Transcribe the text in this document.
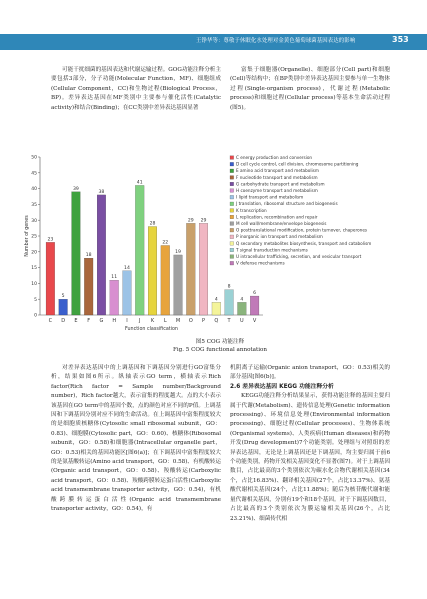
王铮华等：尊敬于休眠化水处理对金黄色葡萄球菌基因表达的影响	353

可能干扰细菌的基因表达和代谢运输过程。GOG功能注释分析主要包括3部分，分子功能(Molecular Function，MF)、细胞组成(Cellular Component，CC)和生物过程(Biological Process，BP)。差异表达基因在MF类别中主要参与催化活性(Catalytic activity)和结合(Binding)；在CC类别中差异表达基因显著

富集于细胞器(Organelle)、细胞部分(Cell part)和细胞(Cell)等结构中；在BP类别中差异表达基因主要参与单一生物体过程(Single-organism process)，代谢过程(Metabolic process)和细胞过程(Cellular process)等基本生命活动过程(图5)。

0
5
10
15
20
25
30
35
40
45
50
Number of genes	23
C
5
D
39
E
18
F
38
G
11
H
14
I
41
J
28
K
22
L
19
M
29
O
29
P
4
Q
8
T
4
U
6
V
Function classification
C energy production and conversion
D cell cycle control, cell division, chromosome partitioning
E amino acid transport and metabolism
F nucleotide transport and metabolism
G carbohydrate transport and metabolism
H coenzyme transport and metabolism
I lipid transport and metabolism
J translation, ribosomal structure and biogenesis
K transcription
L replication, recombination and repair
M cell wall/membrane/envelope biogenesis
O posttranslational modification, protein turnover, chaperones
P inorganic ion transport and metabolism
Q secondary metabolites biosynthesis, transport and catabolism
T signal transduction mechanisms
U intracellular trafficking, secretion, and vesicular transport
V defense mechanisms
图5 COG 功能注释
Fig. 5 COG functional annotation

对差异表达基因中的上调基因和下调基因分别进行GO富集分析，结果如图6所示。纵轴表示GO term，横轴表示Rich factor(Rich factor = Sample number/Background number)，Rich factor越大，表示富集的程度越大。点的大小表示该基因在GO term中的基因个数，点的颜色对应不同的P值。上调基因和下调基因分别对应不同的生命活动。在上调基因中富集程度较大的是细胞质核糖体(Cytosolic small ribosomal subunit，GO：0.83)、细胞膜(Cytosolic part，GO：0.60)、核糖体(Ribosomal subunit，GO：0.58)和细胞器(Intracellular organelle part，GO：0.53)相关的基因功能区[图6(a)]；在下调基因中富集程度较大的是氨基酸转运(Amino acid transport，GO：0.58)、有机酸转运(Organic acid transport，GO：0.58)、羧酸转运(Carboxylic acid transport，GO：0.58)、羧酸跨膜转运蛋白活性(Carboxylic acid transmembrane transporter activity，GO：0.54)，有机酸跨膜转运蛋白活性(Organic acid transmembrane transporter activity，GO：0.54)，有

机阴离子运输(Organic anion transport，GO：0.53)相关的部分基因[图6(b)]。

2.6 差异表达基因 KEGG 功能注释分析

KEGG功能注释分析结果显示，获得功能注释的基因主要归属于代谢(Metabolism)、遗传信息处理(Genetic information processing)、环境信息处理(Environmental information processing)、细胞过程(Cellular processes)、生物体系统(Organismal systems)、人类疾病(Human diseases)和药物开发(Drug development)7个功能类别。处理组与对照组的差异表达基因，无论是上调基因还是下调基因，均主要归属于前6个功能类别，药物开发相关基因变化不显著(图7)。对于上调基因数目，占比最高的3个类别依次为碳水化合物代谢相关基因(34个，占比16.83%)、翻译相关基因(27个，占比13.37%)、氨基酸代谢相关基因(24个，占比11.88%)；随后为核苷酸代谢和能量代谢相关基因，分别有19个和18个基因。对于下调基因数目，占比最高的3个类别依次为膜运输相关基因(26个，占比23.21%)、细菌传代相
